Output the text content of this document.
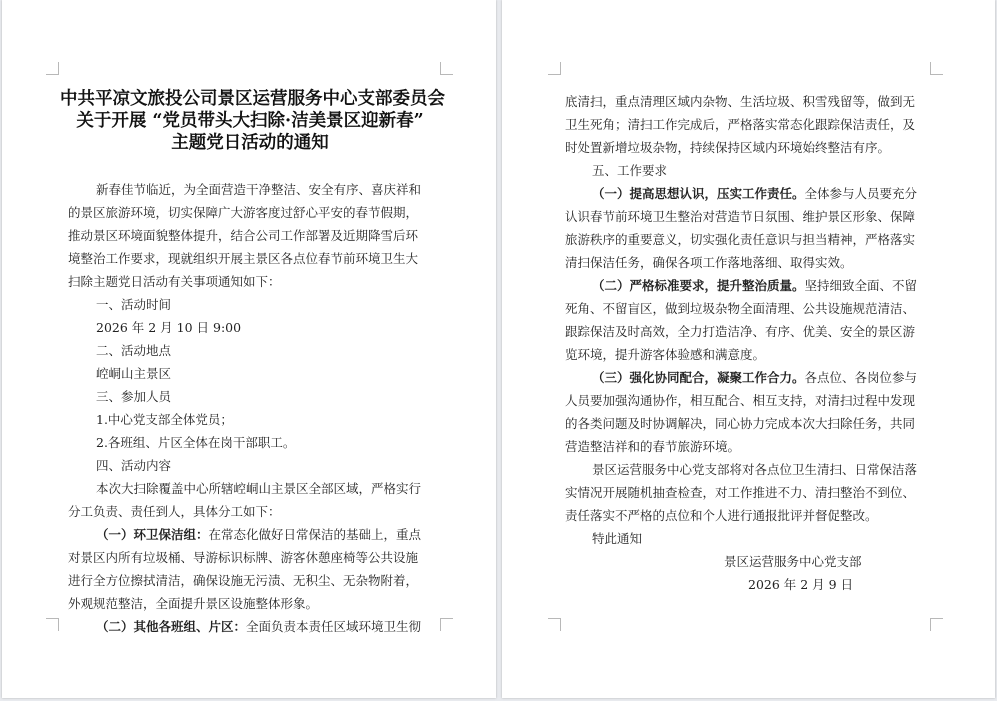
中共平凉文旅投公司景区运营服务中心支部委员会
关于开展 “党员带头大扫除·洁美景区迎新春”
主题党日活动的通知
新春佳节临近，为全面营造干净整洁、安全有序、喜庆祥和
的景区旅游环境，切实保障广大游客度过舒心平安的春节假期，
推动景区环境面貌整体提升，结合公司工作部署及近期降雪后环
境整治工作要求，现就组织开展主景区各点位春节前环境卫生大
扫除主题党日活动有关事项通知如下：
一、活动时间
2026 年 2 月 10 日 9:00
二、活动地点
崆峒山主景区
三、参加人员
1.中心党支部全体党员；
2.各班组、片区全体在岗干部职工。
四、活动内容
本次大扫除覆盖中心所辖崆峒山主景区全部区域，严格实行
分工负责、责任到人，具体分工如下：
（一）环卫保洁组：在常态化做好日常保洁的基础上，重点
对景区内所有垃圾桶、导游标识标牌、游客休憩座椅等公共设施
进行全方位擦拭清洁，确保设施无污渍、无积尘、无杂物附着，
外观规范整洁，全面提升景区设施整体形象。
（二）其他各班组、片区：全面负责本责任区域环境卫生彻
底清扫，重点清理区域内杂物、生活垃圾、积雪残留等，做到无
卫生死角；清扫工作完成后，严格落实常态化跟踪保洁责任，及
时处置新增垃圾杂物，持续保持区域内环境始终整洁有序。
五、工作要求
（一）提高思想认识，压实工作责任。全体参与人员要充分
认识春节前环境卫生整治对营造节日氛围、维护景区形象、保障
旅游秩序的重要意义，切实强化责任意识与担当精神，严格落实
清扫保洁任务，确保各项工作落地落细、取得实效。
（二）严格标准要求，提升整治质量。坚持细致全面、不留
死角、不留盲区，做到垃圾杂物全面清理、公共设施规范清洁、
跟踪保洁及时高效，全力打造洁净、有序、优美、安全的景区游
览环境，提升游客体验感和满意度。
（三）强化协同配合，凝聚工作合力。各点位、各岗位参与
人员要加强沟通协作，相互配合、相互支持，对清扫过程中发现
的各类问题及时协调解决，同心协力完成本次大扫除任务，共同
营造整洁祥和的春节旅游环境。
景区运营服务中心党支部将对各点位卫生清扫、日常保洁落
实情况开展随机抽查检查，对工作推进不力、清扫整治不到位、
责任落实不严格的点位和个人进行通报批评并督促整改。
特此通知
景区运营服务中心党支部
2026 年 2 月 9 日
